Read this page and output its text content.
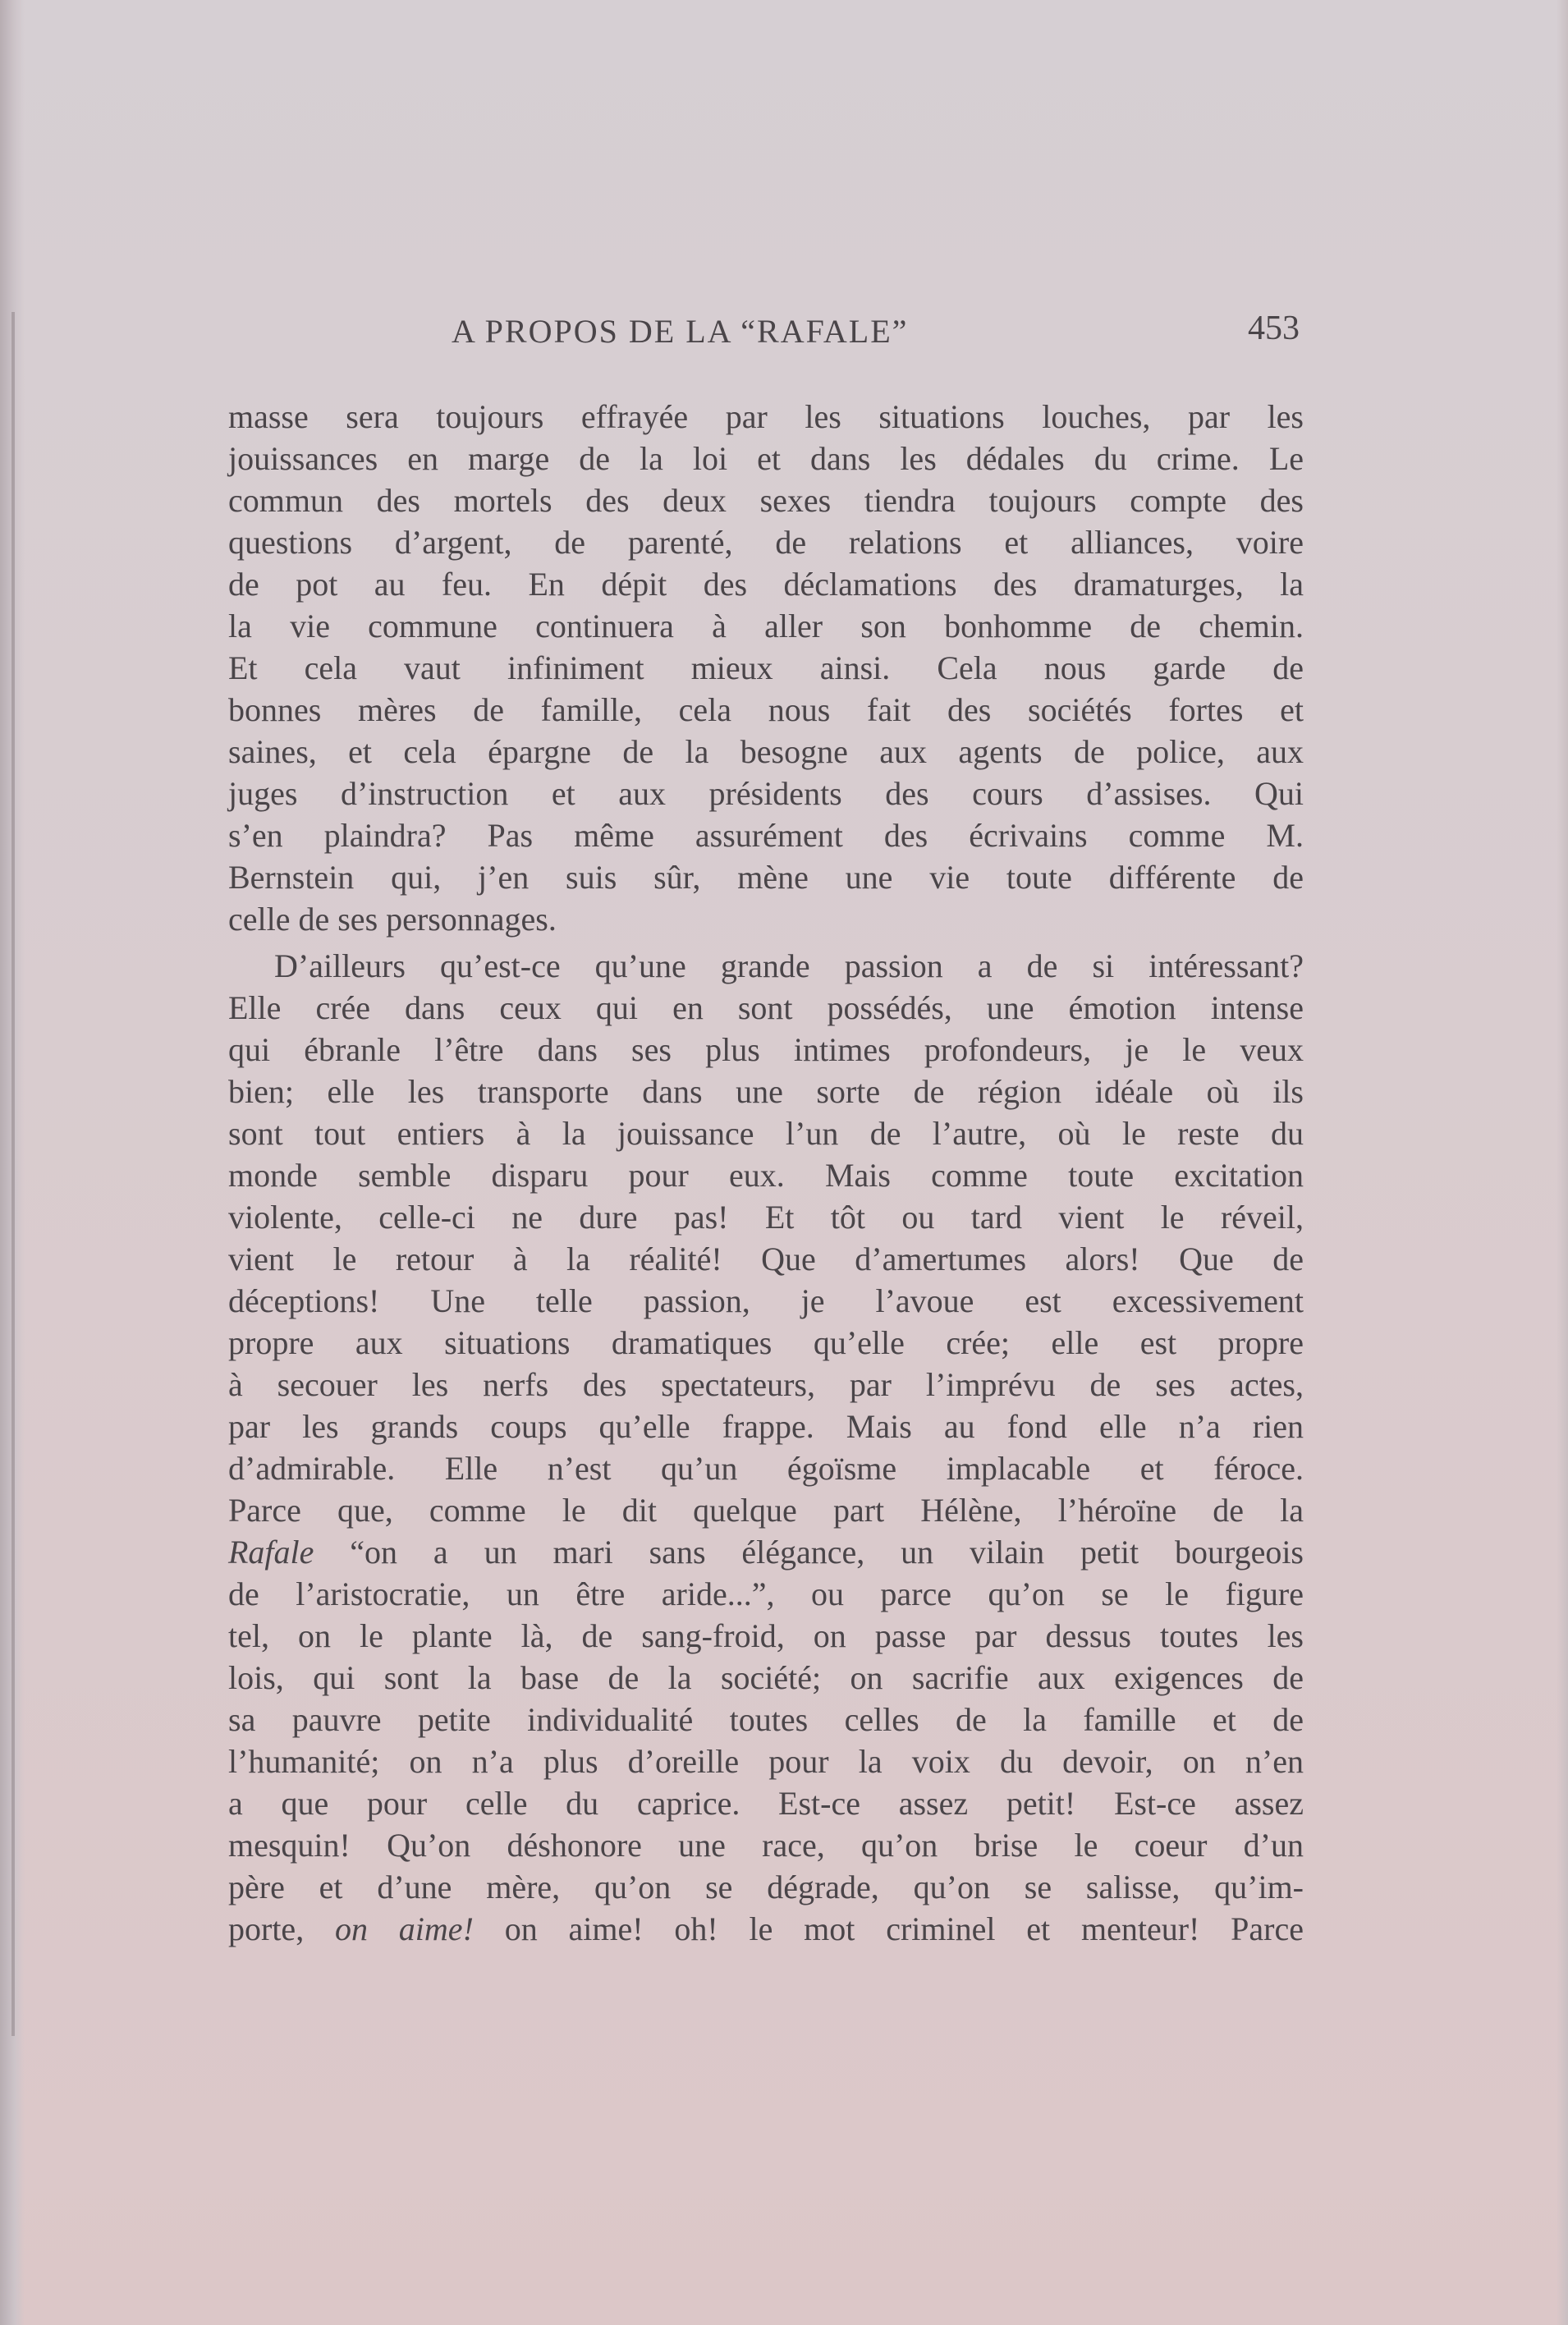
A PROPOS DE LA “RAFALE”	453
masse sera toujours effrayée par les situations louches, par les
jouissances en marge de la loi et dans les dédales du crime. Le
commun des mortels des deux sexes tiendra toujours compte des
questions d’argent, de parenté, de relations et alliances, voire
de pot au feu. En dépit des déclamations des dramaturges, la
la vie commune continuera à aller son bonhomme de chemin.
Et cela vaut infiniment mieux ainsi. Cela nous garde de
bonnes mères de famille, cela nous fait des sociétés fortes et
saines, et cela épargne de la besogne aux agents de police, aux
juges d’instruction et aux présidents des cours d’assises. Qui
s’en plaindra? Pas même assurément des écrivains comme M.
Bernstein qui, j’en suis sûr, mène une vie toute différente de
celle de ses personnages.
D’ailleurs qu’est-ce qu’une grande passion a de si intéressant?
Elle crée dans ceux qui en sont possédés, une émotion intense
qui ébranle l’être dans ses plus intimes profondeurs, je le veux
bien; elle les transporte dans une sorte de région idéale où ils
sont tout entiers à la jouissance l’un de l’autre, où le reste du
monde semble disparu pour eux. Mais comme toute excitation
violente, celle-ci ne dure pas! Et tôt ou tard vient le réveil,
vient le retour à la réalité! Que d’amertumes alors! Que de
déceptions! Une telle passion, je l’avoue est excessivement
propre aux situations dramatiques qu’elle crée; elle est propre
à secouer les nerfs des spectateurs, par l’imprévu de ses actes,
par les grands coups qu’elle frappe. Mais au fond elle n’a rien
d’admirable. Elle n’est qu’un égoïsme implacable et féroce.
Parce que, comme le dit quelque part Hélène, l’héroïne de la
Rafale “on a un mari sans élégance, un vilain petit bourgeois
de l’aristocratie, un être aride...”, ou parce qu’on se le figure
tel, on le plante là, de sang-froid, on passe par dessus toutes les
lois, qui sont la base de la société; on sacrifie aux exigences de
sa pauvre petite individualité toutes celles de la famille et de
l’humanité; on n’a plus d’oreille pour la voix du devoir, on n’en
a que pour celle du caprice. Est-ce assez petit! Est-ce assez
mesquin! Qu’on déshonore une race, qu’on brise le coeur d’un
père et d’une mère, qu’on se dégrade, qu’on se salisse, qu’im-
porte, on aime! on aime! oh! le mot criminel et menteur! Parce
